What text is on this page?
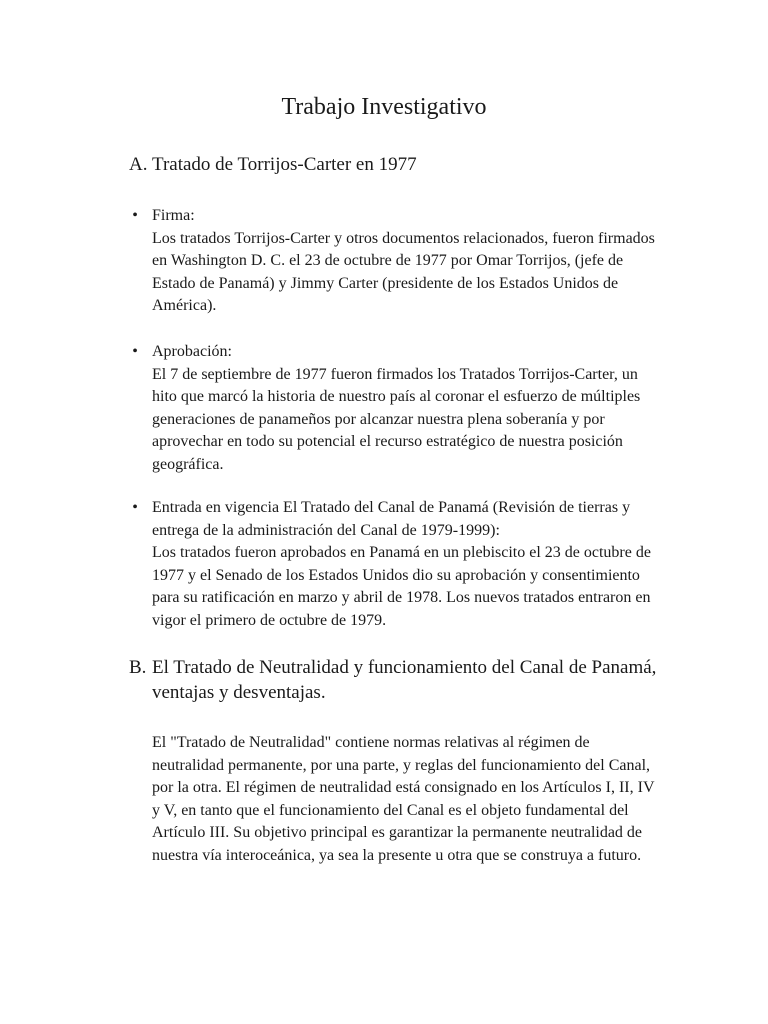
Trabajo Investigativo
A. Tratado de Torrijos-Carter en 1977
• Firma:

Los tratados Torrijos-Carter y otros documentos relacionados, fueron firmados en Washington D. C. el 23 de octubre de 1977 por Omar Torrijos, (jefe de Estado de Panamá) y Jimmy Carter (presidente de los Estados Unidos de América).

• Aprobación:

El 7 de septiembre de 1977 fueron firmados los Tratados Torrijos-Carter, un hito que marcó la historia de nuestro país al coronar el esfuerzo de múltiples generaciones de panameños por alcanzar nuestra plena soberanía y por aprovechar en todo su potencial el recurso estratégico de nuestra posición geográfica.

• Entrada en vigencia El Tratado del Canal de Panamá (Revisión de tierras y entrega de la administración del Canal de 1979-1999):

Los tratados fueron aprobados en Panamá en un plebiscito el 23 de octubre de 1977 y el Senado de los Estados Unidos dio su aprobación y consentimiento para su ratificación en marzo y abril de 1978. Los nuevos tratados entraron en vigor el primero de octubre de 1979.

B. El Tratado de Neutralidad y funcionamiento del Canal de Panamá, ventajas y desventajas.

El "Tratado de Neutralidad" contiene normas relativas al régimen de neutralidad permanente, por una parte, y reglas del funcionamiento del Canal, por la otra. El régimen de neutralidad está consignado en los Artículos I, II, IV y V, en tanto que el funcionamiento del Canal es el objeto fundamental del Artículo III. Su objetivo principal es garantizar la permanente neutralidad de nuestra vía interoceánica, ya sea la presente u otra que se construya a futuro.
